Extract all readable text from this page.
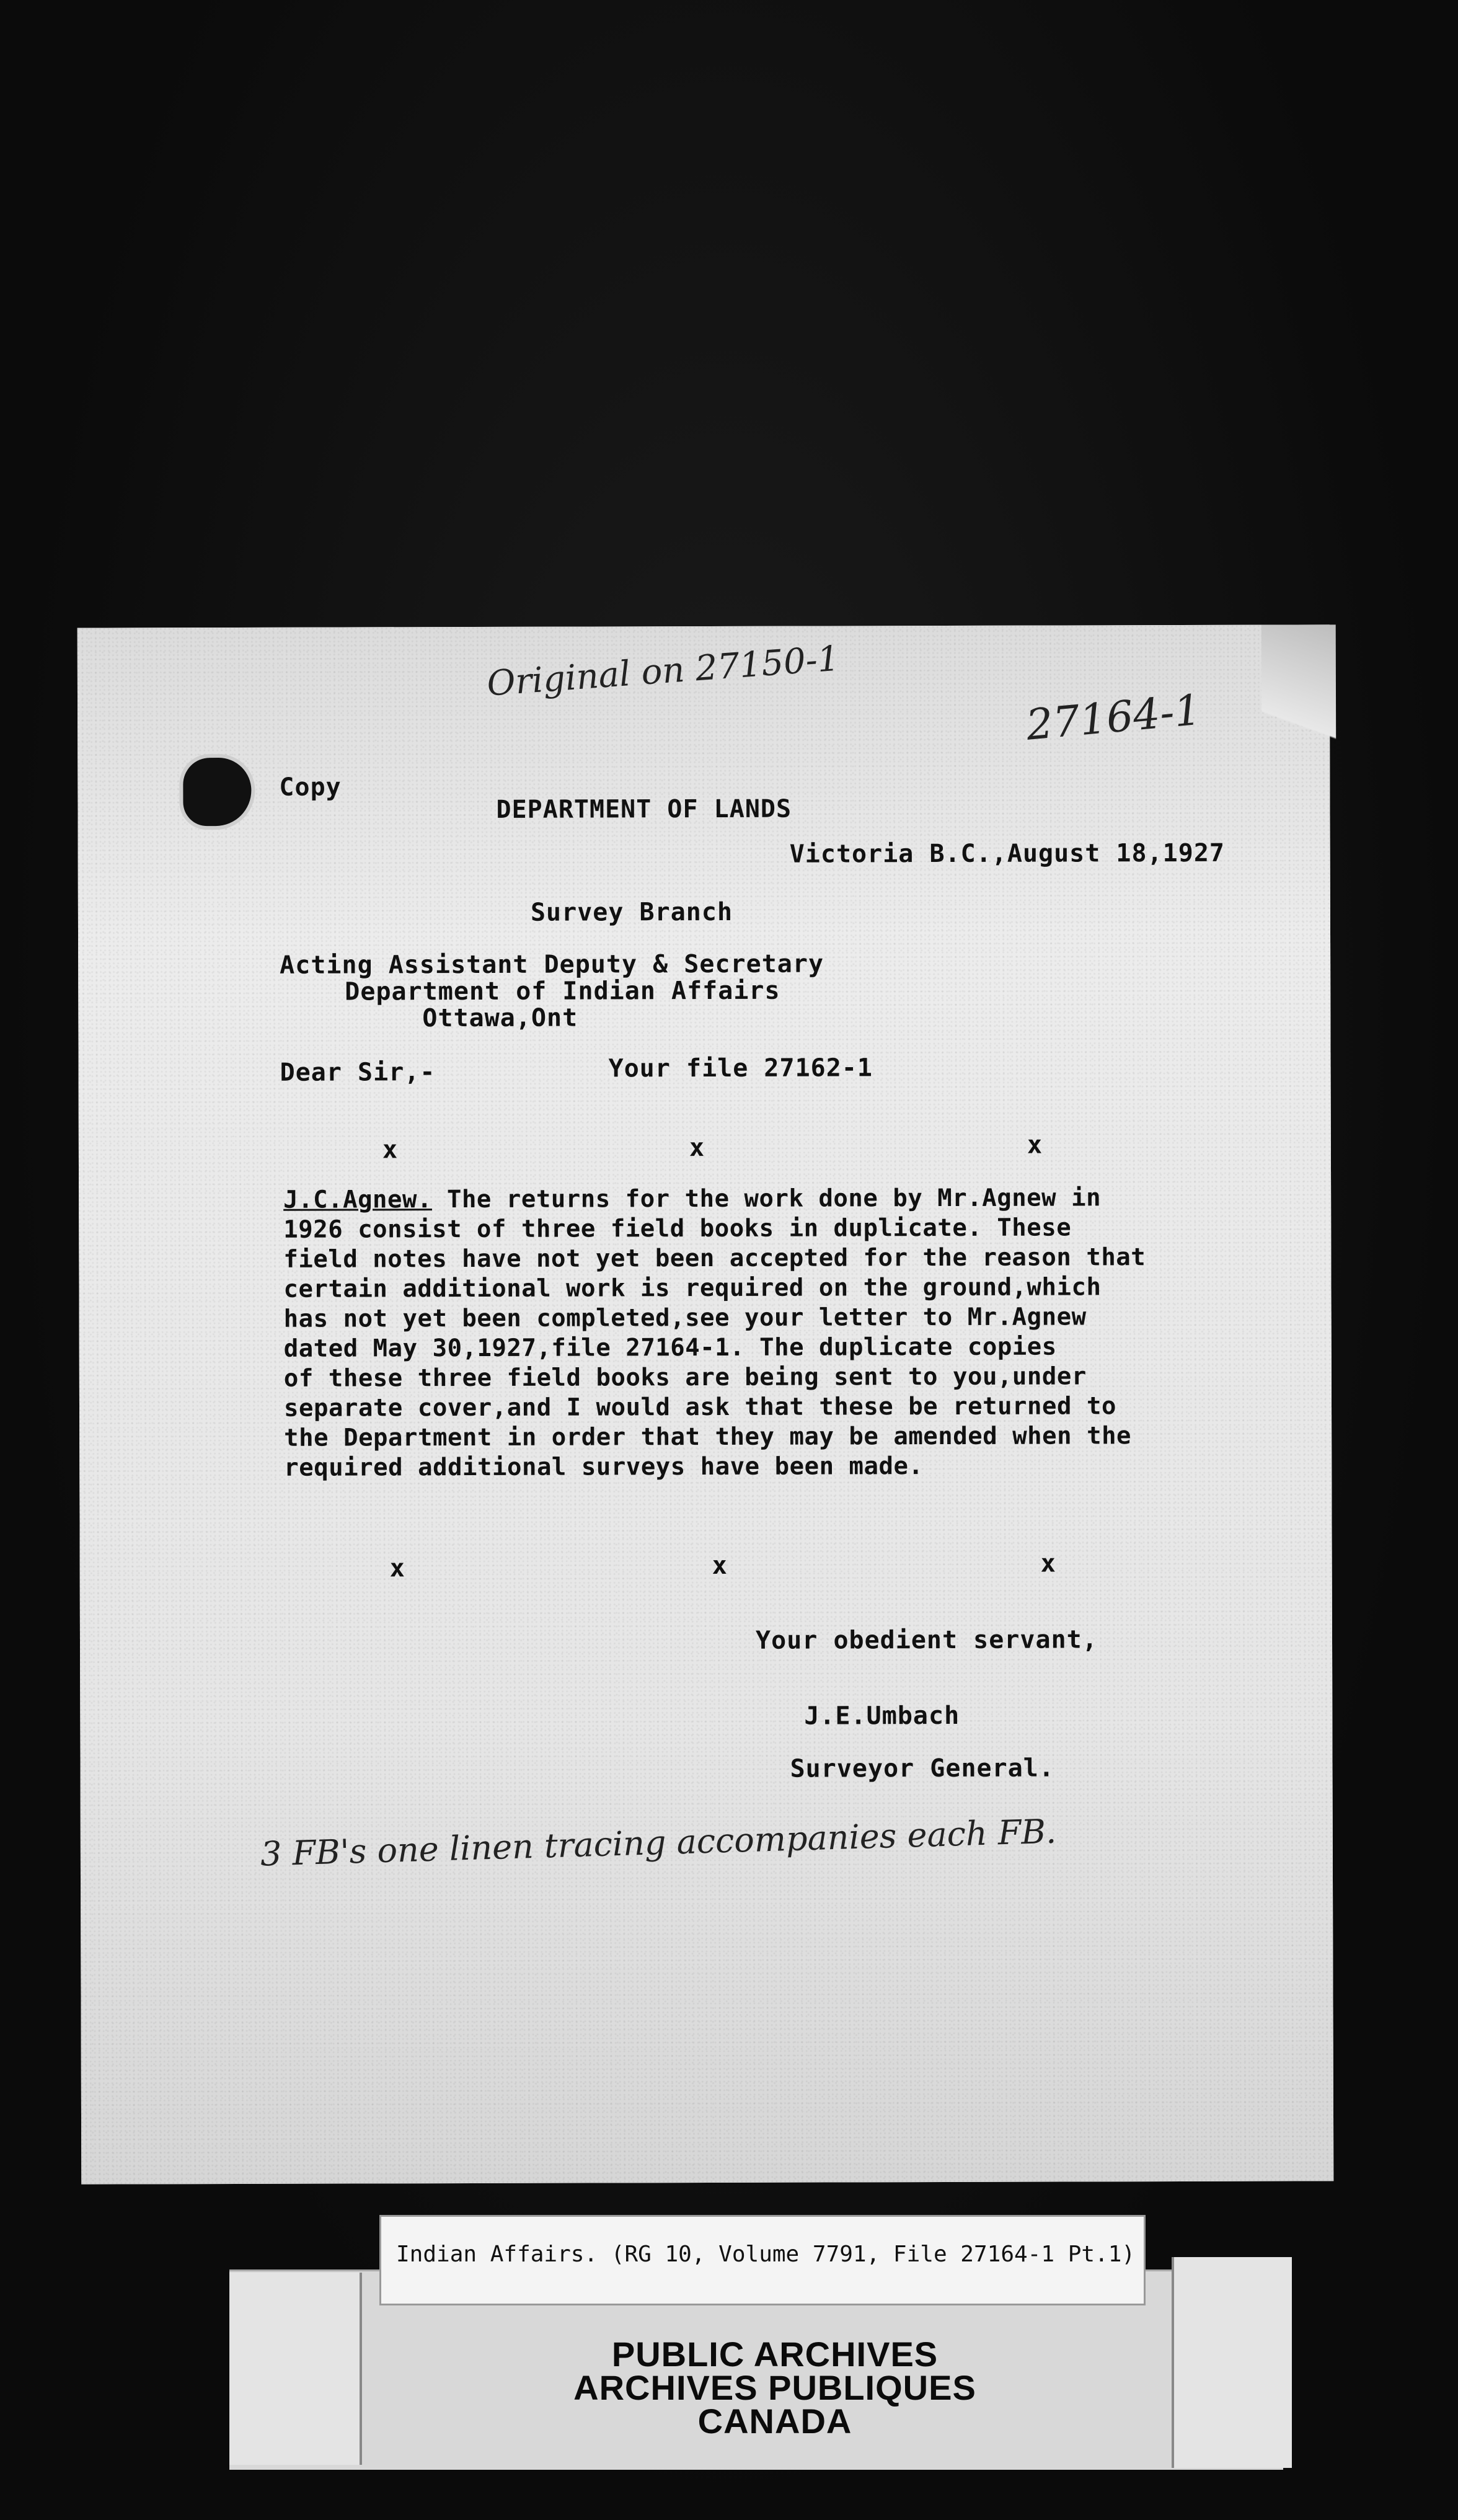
Original on 27150-1
27164-1
Copy
DEPARTMENT OF LANDS
Victoria B.C.,August 18,1927
Survey Branch
Acting Assistant Deputy & Secretary
Department of Indian Affairs
Ottawa,Ont
Dear Sir,-	Your file 27162-1
x	x	x
J.C.Agnew. The returns for the work done by Mr.Agnew in
1926 consist of three field books in duplicate. These
field notes have not yet been accepted for the reason that
certain additional work is required on the ground,which
has not yet been completed,see your letter to Mr.Agnew
dated May 30,1927,file 27164-1. The duplicate copies
of these three field books are being sent to you,under
separate cover,and I would ask that these be returned to
the Department in order that they may be amended when the
required additional surveys have been made.
x	x	x
Your obedient servant,
J.E.Umbach
Surveyor General.
3 FB's one linen tracing accompanies each FB.
Indian Affairs. (RG 10, Volume 7791, File 27164-1 Pt.1)
PUBLIC ARCHIVES
ARCHIVES PUBLIQUES
CANADA
